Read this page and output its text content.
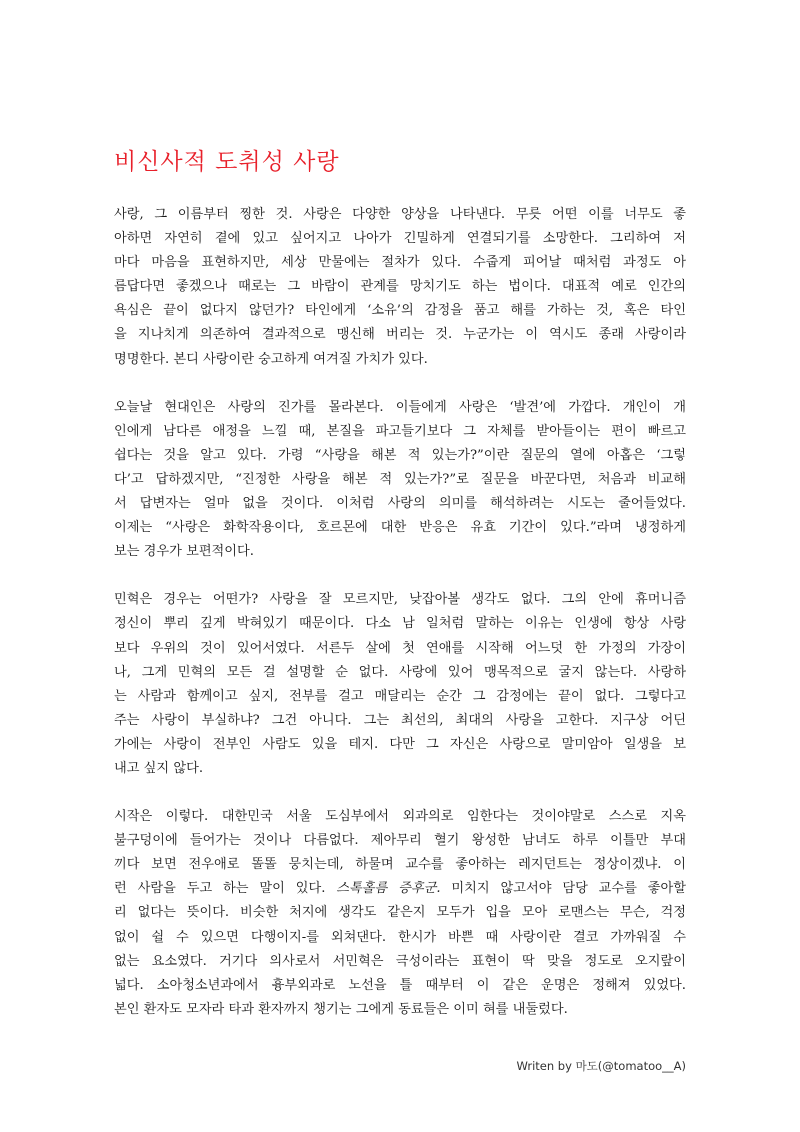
비신사적 도취성 사랑
사랑, 그 이름부터 찡한 것. 사랑은 다양한 양상을 나타낸다. 무릇 어떤 이를 너무도 좋
아하면 자연히 곁에 있고 싶어지고 나아가 긴밀하게 연결되기를 소망한다. 그리하여 저
마다 마음을 표현하지만, 세상 만물에는 절차가 있다. 수줍게 피어날 때처럼 과정도 아
름답다면 좋겠으나 때로는 그 바람이 관계를 망치기도 하는 법이다. 대표적 예로 인간의
욕심은 끝이 없다지 않던가? 타인에게 ‘소유’의 감정을 품고 해를 가하는 것, 혹은 타인
을 지나치게 의존하여 결과적으로 맹신해 버리는 것. 누군가는 이 역시도 종래 사랑이라
명명한다. 본디 사랑이란 숭고하게 여겨질 가치가 있다.
오늘날 현대인은 사랑의 진가를 몰라본다. 이들에게 사랑은 ‘발견’에 가깝다. 개인이 개
인에게 남다른 애정을 느낄 때, 본질을 파고들기보다 그 자체를 받아들이는 편이 빠르고
쉽다는 것을 알고 있다. 가령 “사랑을 해본 적 있는가?”이란 질문의 열에 아홉은 ‘그렇
다’고 답하겠지만, “진정한 사랑을 해본 적 있는가?”로 질문을 바꾼다면, 처음과 비교해
서 답변자는 얼마 없을 것이다. 이처럼 사랑의 의미를 해석하려는 시도는 줄어들었다.
이제는 “사랑은 화학작용이다, 호르몬에 대한 반응은 유효 기간이 있다.”라며 냉정하게
보는 경우가 보편적이다.
민혁은 경우는 어떤가? 사랑을 잘 모르지만, 낮잡아볼 생각도 없다. 그의 안에 휴머니즘
정신이 뿌리 깊게 박혀있기 때문이다. 다소 남 일처럼 말하는 이유는 인생에 항상 사랑
보다 우위의 것이 있어서였다. 서른두 살에 첫 연애를 시작해 어느덧 한 가정의 가장이
나, 그게 민혁의 모든 걸 설명할 순 없다. 사랑에 있어 맹목적으로 굴지 않는다. 사랑하
는 사람과 함께이고 싶지, 전부를 걸고 매달리는 순간 그 감정에는 끝이 없다. 그렇다고
주는 사랑이 부실하냐? 그건 아니다. 그는 최선의, 최대의 사랑을 고한다. 지구상 어딘
가에는 사랑이 전부인 사람도 있을 테지. 다만 그 자신은 사랑으로 말미암아 일생을 보
내고 싶지 않다.
시작은 이렇다. 대한민국 서울 도심부에서 외과의로 임한다는 것이야말로 스스로 지옥
불구덩이에 들어가는 것이나 다름없다. 제아무리 혈기 왕성한 남녀도 하루 이틀만 부대
끼다 보면 전우애로 똘똘 뭉치는데, 하물며 교수를 좋아하는 레지던트는 정상이겠냐. 이
런 사람을 두고 하는 말이 있다. 스톡홀름 증후군. 미치지 않고서야 담당 교수를 좋아할
리 없다는 뜻이다. 비슷한 처지에 생각도 같은지 모두가 입을 모아 로맨스는 무슨, 걱정
없이 쉴 수 있으면 다행이지-를 외쳐댄다. 한시가 바쁜 때 사랑이란 결코 가까워질 수
없는 요소였다. 거기다 의사로서 서민혁은 극성이라는 표현이 딱 맞을 정도로 오지랖이
넓다. 소아청소년과에서 흉부외과로 노선을 틀 때부터 이 같은 운명은 정해져 있었다.
본인 환자도 모자라 타과 환자까지 챙기는 그에게 동료들은 이미 혀를 내둘렀다.
Writen by 마도(@tomatoo__A)
